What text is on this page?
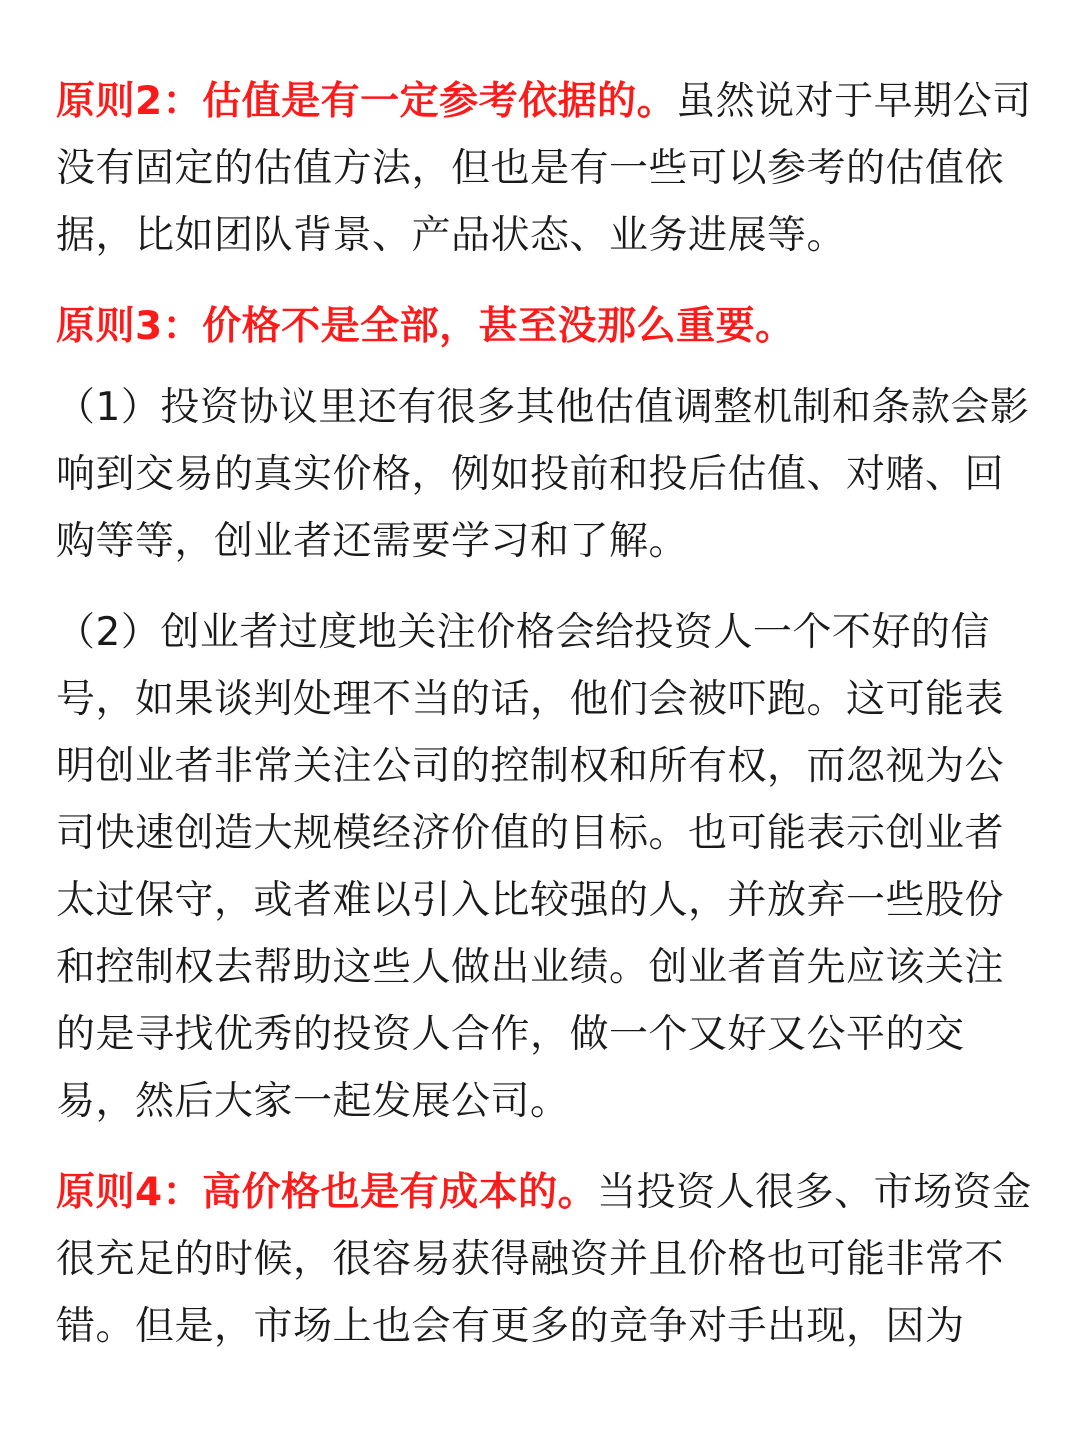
原则2：估值是有一定参考依据的。虽然说对于早期公司没有固定的估值方法，但也是有一些可以参考的估值依据，比如团队背景、产品状态、业务进展等。

原则3：价格不是全部，甚至没那么重要。

（1）投资协议里还有很多其他估值调整机制和条款会影响到交易的真实价格，例如投前和投后估值、对赌、回购等等，创业者还需要学习和了解。

（2）创业者过度地关注价格会给投资人一个不好的信号，如果谈判处理不当的话，他们会被吓跑。这可能表明创业者非常关注公司的控制权和所有权，而忽视为公司快速创造大规模经济价值的目标。也可能表示创业者太过保守，或者难以引入比较强的人，并放弃一些股份和控制权去帮助这些人做出业绩。创业者首先应该关注的是寻找优秀的投资人合作，做一个又好又公平的交易，然后大家一起发展公司。

原则4：高价格也是有成本的。当投资人很多、市场资金很充足的时候，很容易获得融资并且价格也可能非常不错。但是，市场上也会有更多的竞争对手出现，因为
